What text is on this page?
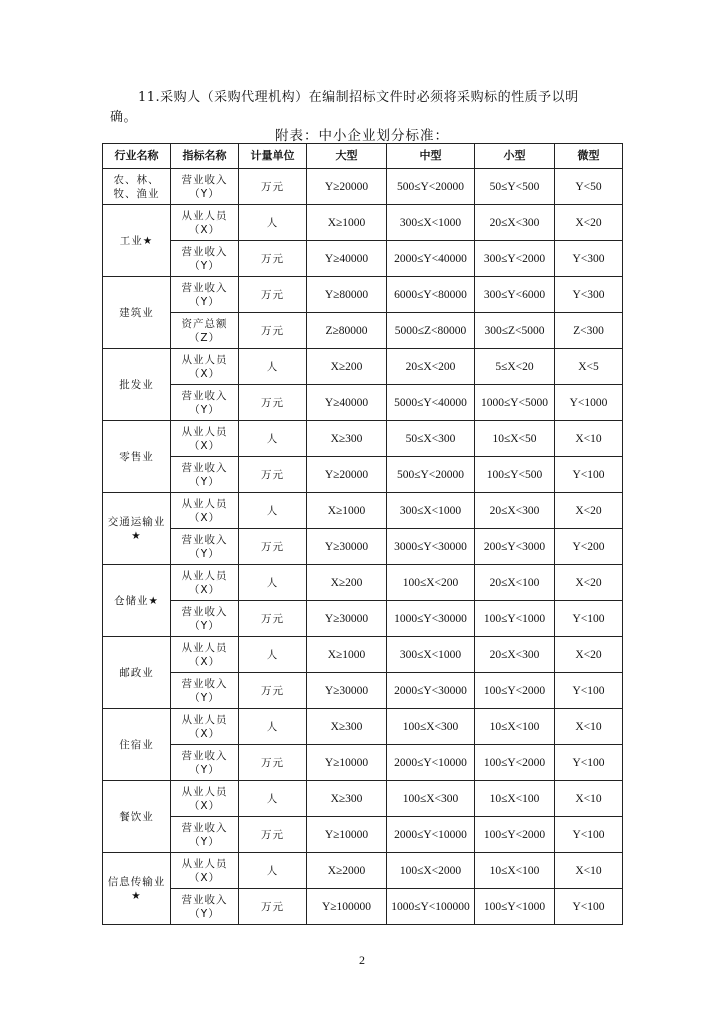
11.采购人（采购代理机构）在编制招标文件时必须将采购标的性质予以明
确。
附表：中小企业划分标准：
行业名称	指标名称	计量单位	大型	中型	小型	微型
农、林、牧、渔业	营业收入（Y）	万元	Y≥20000	500≤Y<20000	50≤Y<500	Y<50
工业★	从业人员（X）	人	X≥1000	300≤X<1000	20≤X<300	X<20
	营业收入（Y）	万元	Y≥40000	2000≤Y<40000	300≤Y<2000	Y<300
建筑业	营业收入（Y）	万元	Y≥80000	6000≤Y<80000	300≤Y<6000	Y<300
	资产总额（Z）	万元	Z≥80000	5000≤Z<80000	300≤Z<5000	Z<300
批发业	从业人员（X）	人	X≥200	20≤X<200	5≤X<20	X<5
	营业收入（Y）	万元	Y≥40000	5000≤Y<40000	1000≤Y<5000	Y<1000
零售业	从业人员（X）	人	X≥300	50≤X<300	10≤X<50	X<10
	营业收入（Y）	万元	Y≥20000	500≤Y<20000	100≤Y<500	Y<100
交通运输业★	从业人员（X）	人	X≥1000	300≤X<1000	20≤X<300	X<20
	营业收入（Y）	万元	Y≥30000	3000≤Y<30000	200≤Y<3000	Y<200
仓储业★	从业人员（X）	人	X≥200	100≤X<200	20≤X<100	X<20
	营业收入（Y）	万元	Y≥30000	1000≤Y<30000	100≤Y<1000	Y<100
邮政业	从业人员（X）	人	X≥1000	300≤X<1000	20≤X<300	X<20
	营业收入（Y）	万元	Y≥30000	2000≤Y<30000	100≤Y<2000	Y<100
住宿业	从业人员（X）	人	X≥300	100≤X<300	10≤X<100	X<10
	营业收入（Y）	万元	Y≥10000	2000≤Y<10000	100≤Y<2000	Y<100
餐饮业	从业人员（X）	人	X≥300	100≤X<300	10≤X<100	X<10
	营业收入（Y）	万元	Y≥10000	2000≤Y<10000	100≤Y<2000	Y<100
信息传输业★	从业人员（X）	人	X≥2000	100≤X<2000	10≤X<100	X<10
	营业收入（Y）	万元	Y≥100000	1000≤Y<100000	100≤Y<1000	Y<100
2
